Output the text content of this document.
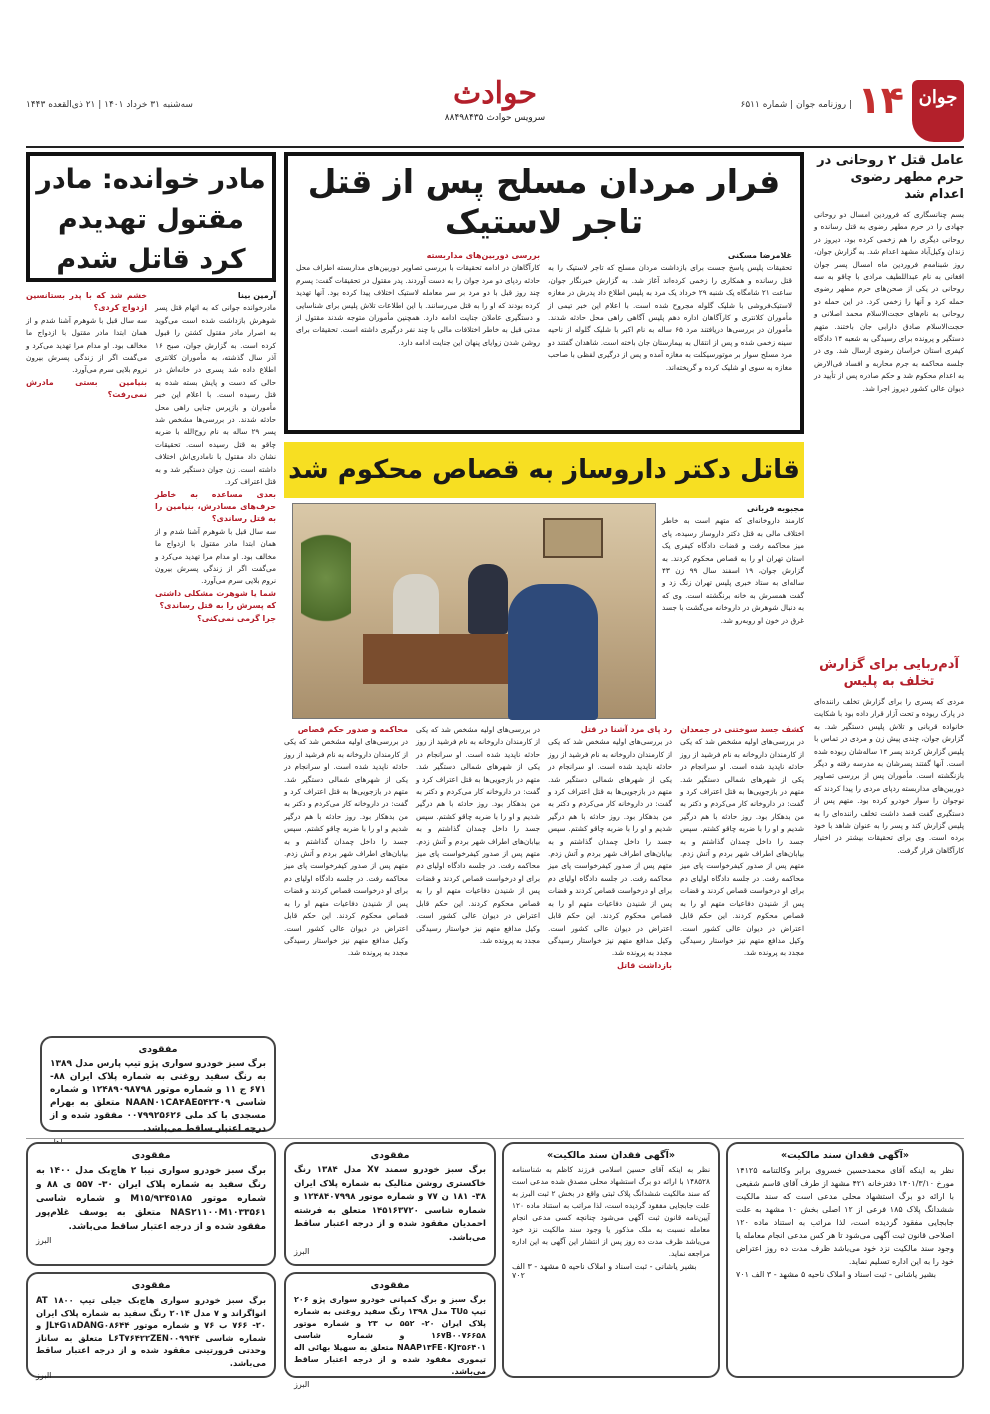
جوان
۱۴
| روزنامه جوان | شماره ۶۵۱۱
حوادث
سرویس حوادث ۸۸۴۹۸۴۳۵
سه‌شنبه ۳۱ خرداد ۱۴۰۱ | ۲۱ ذی‌القعده ۱۴۴۳
عامل قتل ۲ روحانی در حرم مطهر رضوی اعدام شد
بسم چنانسگاری که فروردین امسال دو روحانی جهادی را در حرم مطهر رضوی به قتل رسانده و روحانی دیگری را هم زخمی کرده بود، دیروز در زندان وکیل‌آباد مشهد اعدام شد. به گزارش جوان، روز شبنامه‌م فروردین ماه امسال پسر جوان افغانی به نام عبداللطیف مرادی با چاقو به سه روحانی در یکی از صحن‌های حرم مطهر رضوی حمله کرد و آنها را زخمی کرد. در این حمله دو روحانی به نام‌های حجت‌الاسلام محمد اصلانی و حجت‌الاسلام صادق دارابی جان باختند. متهم دستگیر و پرونده برای رسیدگی به شعبه ۱۴ دادگاه کیفری استان خراسان رضوی ارسال شد. وی در جلسه محاکمه به جرم محاربه و افساد فی‌الارض به اعدام محکوم شد و حکم صادره پس از تأیید در دیوان عالی کشور دیروز اجرا شد.
آدم‌ربایی برای گزارش تخلف به پلیس
مردی که پسری را برای گزارش تخلف راننده‌ای در پارک ربوده و تحت آزار قرار داده بود با شکایت خانواده قربانی و تلاش پلیس دستگیر شد. به گزارش جوان، چندی پیش زن و مردی در تماس با پلیس گزارش کردند پسر ۱۴ ساله‌شان ربوده شده است. آنها گفتند پسرشان به مدرسه رفته و دیگر بازنگشته است. مأموران پس از بررسی تصاویر دوربین‌های مداربسته ردپای مردی را پیدا کردند که نوجوان را سوار خودرو کرده بود. متهم پس از دستگیری گفت قصد داشت تخلف راننده‌ای را به پلیس گزارش کند و پسر را به عنوان شاهد با خود برده است. وی برای تحقیقات بیشتر در اختیار کارآگاهان قرار گرفت.
فرار مردان مسلح پس از قتل تاجر لاستیک
غلامرضا مسکنی
تحقیقات پلیس پاسخ جست برای بازداشت مردان مسلح که تاجر لاستیک را به قتل رسانده و همکاری را زخمی کرده‌اند آغاز شد. به گزارش خبرنگار جوان، ساعت ۲۱ شامگاه یک شنبه ۲۹ خرداد یک مرد به پلیس اطلاع داد پدرش در مغازه لاستیک‌فروشی با شلیک گلوله مجروح شده است. با اعلام این خبر تیمی از مأموران کلانتری و کارآگاهان اداره دهم پلیس آگاهی راهی محل حادثه شدند. مأموران در بررسی‌ها دریافتند مرد ۶۵ ساله به نام اکبر با شلیک گلوله از ناحیه سینه زخمی شده و پس از انتقال به بیمارستان جان باخته است. شاهدان گفتند دو مرد مسلح سوار بر موتورسیکلت به مغازه آمده و پس از درگیری لفظی با صاحب مغازه به سوی او شلیک کرده و گریخته‌اند.
بررسی دوربین‌های مداربسته
کارآگاهان در ادامه تحقیقات با بررسی تصاویر دوربین‌های مداربسته اطراف محل حادثه ردپای دو مرد جوان را به دست آوردند. پدر مقتول در تحقیقات گفت: پسرم چند روز قبل با دو مرد بر سر معامله لاستیک اختلاف پیدا کرده بود. آنها تهدید کرده بودند که او را به قتل می‌رسانند. با این اطلاعات تلاش پلیس برای شناسایی و دستگیری عاملان جنایت ادامه دارد. همچنین مأموران متوجه شدند مقتول از مدتی قبل به خاطر اختلافات مالی با چند نفر درگیری داشته است. تحقیقات برای روشن شدن زوایای پنهان این جنایت ادامه دارد.
مادر خوانده: مادر مقتول تهدیدم کرد قاتل شدم
آرمین بینا
مادرخوانده جوانی که به اتهام قتل پسر شوهرش بازداشت شده است می‌گوید به اصرار مادر مقتول کشتن را قبول کرده است. به گزارش جوان، صبح ۱۶ آذر سال گذشته، به مأموران کلانتری اطلاع داده شد پسری در خانه‌اش در حالی که دست و پایش بسته شده به قتل رسیده است. با اعلام این خبر مأموران و بازپرس جنایی راهی محل حادثه شدند. در بررسی‌ها مشخص شد پسر ۲۹ ساله به نام روح‌الله با ضربه چاقو به قتل رسیده است. تحقیقات نشان داد مقتول با نامادری‌اش اختلاف داشته است. زن جوان دستگیر شد و به قتل اعتراف کرد.
بعدی مساعده به خاطر حرف‌های مسادرش، بنیامین را به قتل رساندی؟
سه سال قبل با شوهرم آشنا شدم و از همان ابتدا مادر مقتول با ازدواج ما مخالف بود. او مدام مرا تهدید می‌کرد و می‌گفت اگر از زندگی پسرش بیرون نروم بلایی سرم می‌آورد.
شما یا شوهرت مشکلی داشتی که پسرش را به قتل رساندی؟
جرا گرمی نمی‌کنی؟
خشم شد که با پدر بستانسین ازدواج کردی؟
سه سال قبل با شوهرم آشنا شدم و از همان ابتدا مادر مقتول با ازدواج ما مخالف بود. او مدام مرا تهدید می‌کرد و می‌گفت اگر از زندگی پسرش بیرون نروم بلایی سرم می‌آورد.
بنیامین بستی مادرش نمی‌رفت؟
قاتل دکتر داروساز به قصاص محکوم شد
مجبوبه فربانی
کارمند داروخانه‌ای که متهم است به خاطر اختلاف مالی به قتل دکتر داروساز رسیده، پای میز محاکمه رفت و قضات دادگاه کیفری یک استان تهران او را به قصاص محکوم کردند. به گزارش جوان، ۱۹ اسفند سال ۹۹ زن ۴۳ ساله‌ای به ستاد خبری پلیس تهران زنگ زد و گفت همسرش به خانه برنگشته است. وی که به دنبال شوهرش در داروخانه می‌گشت با جسد غرق در خون او روبه‌رو شد.
کشف جسد سوختنی در جمعدان
در بررسی‌های اولیه مشخص شد که یکی از کارمندان داروخانه به نام فرشید از روز حادثه ناپدید شده است. او سرانجام در یکی از شهرهای شمالی دستگیر شد. متهم در بازجویی‌ها به قتل اعتراف کرد و گفت: در داروخانه کار می‌کردم و دکتر به من بدهکار بود. روز حادثه با هم درگیر شدیم و او را با ضربه چاقو کشتم. سپس جسد را داخل چمدان گذاشتم و به بیابان‌های اطراف شهر بردم و آتش زدم. متهم پس از صدور کیفرخواست پای میز محاکمه رفت. در جلسه دادگاه اولیای دم برای او درخواست قصاص کردند و قضات پس از شنیدن دفاعیات متهم او را به قصاص محکوم کردند. این حکم قابل اعتراض در دیوان عالی کشور است. وکیل مدافع متهم نیز خواستار رسیدگی مجدد به پرونده شد.
رد پای مرد آشنا در قتل
در بررسی‌های اولیه مشخص شد که یکی از کارمندان داروخانه به نام فرشید از روز حادثه ناپدید شده است. او سرانجام در یکی از شهرهای شمالی دستگیر شد. متهم در بازجویی‌ها به قتل اعتراف کرد و گفت: در داروخانه کار می‌کردم و دکتر به من بدهکار بود. روز حادثه با هم درگیر شدیم و او را با ضربه چاقو کشتم. سپس جسد را داخل چمدان گذاشتم و به بیابان‌های اطراف شهر بردم و آتش زدم. متهم پس از صدور کیفرخواست پای میز محاکمه رفت. در جلسه دادگاه اولیای دم برای او درخواست قصاص کردند و قضات پس از شنیدن دفاعیات متهم او را به قصاص محکوم کردند. این حکم قابل اعتراض در دیوان عالی کشور است. وکیل مدافع متهم نیز خواستار رسیدگی مجدد به پرونده شد.
بازداشت قاتل
در بررسی‌های اولیه مشخص شد که یکی از کارمندان داروخانه به نام فرشید از روز حادثه ناپدید شده است. او سرانجام در یکی از شهرهای شمالی دستگیر شد. متهم در بازجویی‌ها به قتل اعتراف کرد و گفت: در داروخانه کار می‌کردم و دکتر به من بدهکار بود. روز حادثه با هم درگیر شدیم و او را با ضربه چاقو کشتم. سپس جسد را داخل چمدان گذاشتم و به بیابان‌های اطراف شهر بردم و آتش زدم. متهم پس از صدور کیفرخواست پای میز محاکمه رفت. در جلسه دادگاه اولیای دم برای او درخواست قصاص کردند و قضات پس از شنیدن دفاعیات متهم او را به قصاص محکوم کردند. این حکم قابل اعتراض در دیوان عالی کشور است. وکیل مدافع متهم نیز خواستار رسیدگی مجدد به پرونده شد.
محاکمه و صدور حکم قصاص
در بررسی‌های اولیه مشخص شد که یکی از کارمندان داروخانه به نام فرشید از روز حادثه ناپدید شده است. او سرانجام در یکی از شهرهای شمالی دستگیر شد. متهم در بازجویی‌ها به قتل اعتراف کرد و گفت: در داروخانه کار می‌کردم و دکتر به من بدهکار بود. روز حادثه با هم درگیر شدیم و او را با ضربه چاقو کشتم. سپس جسد را داخل چمدان گذاشتم و به بیابان‌های اطراف شهر بردم و آتش زدم. متهم پس از صدور کیفرخواست پای میز محاکمه رفت. در جلسه دادگاه اولیای دم برای او درخواست قصاص کردند و قضات پس از شنیدن دفاعیات متهم او را به قصاص محکوم کردند. این حکم قابل اعتراض در دیوان عالی کشور است. وکیل مدافع متهم نیز خواستار رسیدگی مجدد به پرونده شد.
مفقودی
برگ سبز خودرو سواری پژو تیپ پارس مدل ۱۳۸۹ به رنگ سفید روغنی به شماره پلاک ایران ۸۸- ۶۷۱ ج ۱۱ و شماره موتور ۱۲۴۸۹۰۹۸۷۹۸ و شماره شاسی NAAN۰۱CA۴AE۵۴۲۴۰۹ متعلق به بهرام مسجدی با کد ملی ۰۰۷۹۹۲۵۶۲۶ مفقود شده و از درجه اعتبار ساقط می‌باشد.
مفقودی
برگ سبز خودرو سواری نیبا ۲ هاچ‌بک مدل ۱۴۰۰ به رنگ سفید به شماره پلاک ایران ۳۰- ۵۵۷ ی ۸۸ و شماره موتور M۱۵/۹۳۴۵۱۸۵ و شماره شاسی NAS۲۱۱۰۰M۱۰۳۳۵۶۱ متعلق به یوسف غلام‌پور مفقود شده و از درجه اعتبار ساقط می‌باشد.
البرز
مفقودی
برگ سبز خودرو سمند X۷ مدل ۱۳۸۴ رنگ خاکستری روشن متالیک به شماره پلاک ایران ۳۸- ۱۸۱ ن ۷۷ و شماره موتور ۱۲۴۸۴۰۷۹۹۸ و شماره شاسی ۱۴۵۱۶۳۷۲۰ متعلق به فرشته احمدیان مفقود شده و از درجه اعتبار ساقط می‌باشد.
البرز
«آگهی فقدان سند مالکیت»
نظر به اینکه آقای حسین اسلامی فرزند کاظم به شناسنامه ۱۴۸۵۲۸ با ارائه دو برگ استشهاد محلی مصدق شده مدعی است که سند مالکیت ششدانگ پلاک ثبتی واقع در بخش ۲ ثبت البرز به علت جابجایی مفقود گردیده است، لذا مراتب به استناد ماده ۱۲۰ آیین‌نامه قانون ثبت آگهی می‌شود چنانچه کسی مدعی انجام معامله نسبت به ملک مذکور یا وجود سند مالکیت نزد خود می‌باشد ظرف مدت ده روز پس از انتشار این آگهی به این اداره مراجعه نماید.
بشیر یاشانی - ثبت اسناد و املاک ناحیه ۵ مشهد - ۳ الف ۷۰۲
«آگهی فقدان سند مالکیت»
نظر به اینکه آقای محمدحسین خسروی برابر وکالتنامه ۱۴۱۲۵ مورخ ۱۴۰۱/۳/۱۰ دفترخانه ۴۲۱ مشهد از طرف آقای قاسم شفیعی با ارائه دو برگ استشهاد محلی مدعی است که سند مالکیت ششدانگ پلاک ۱۸۵ فرعی از ۱۲ اصلی بخش ۱۰ مشهد به علت جابجایی مفقود گردیده است، لذا مراتب به استناد ماده ۱۲۰ اصلاحی قانون ثبت آگهی می‌شود تا هر کس مدعی انجام معامله یا وجود سند مالکیت نزد خود می‌باشد ظرف مدت ده روز اعتراض خود را به این اداره تسلیم نماید.
بشیر یاشانی - ثبت اسناد و املاک ناحیه ۵ مشهد - ۳ الف ۷۰۱
مفقودی
برگ سبز خودرو سواری هاچ‌بک جیلی تیپ ۱۸۰۰ AT انواگراند و ۷ مدل ۲۰۱۴ رنگ سفید به شماره پلاک ایران ۲۰- ۷۶۶ ب ۷۶ و شماره موتور JL۴G۱۸DANG۰۸۶۴۴ و شماره شاسی L۶T۷۶۴۲۲ZEN۰۰۹۹۴۴ متعلق به ساناز وحدتی فرورتینی مفقود شده و از درجه اعتبار ساقط می‌باشد.
البرز
مفقودی
برگ سبز و برگ کمپانی خودرو سواری پژو ۲۰۶ تیپ TU۵ مدل ۱۳۹۸ رنگ سفید روغنی به شماره پلاک ایران ۲۰- ۵۵۲ ب ۲۳ و شماره موتور ۱۶۷B۰۰۷۶۶۵۸ و شماره شاسی NAAP۱۳FE۰KJ۳۵۶۴۰۱ متعلق به سهیلا بهائی اله تیموری مفقود شده و از درجه اعتبار ساقط می‌باشد.
البرز
